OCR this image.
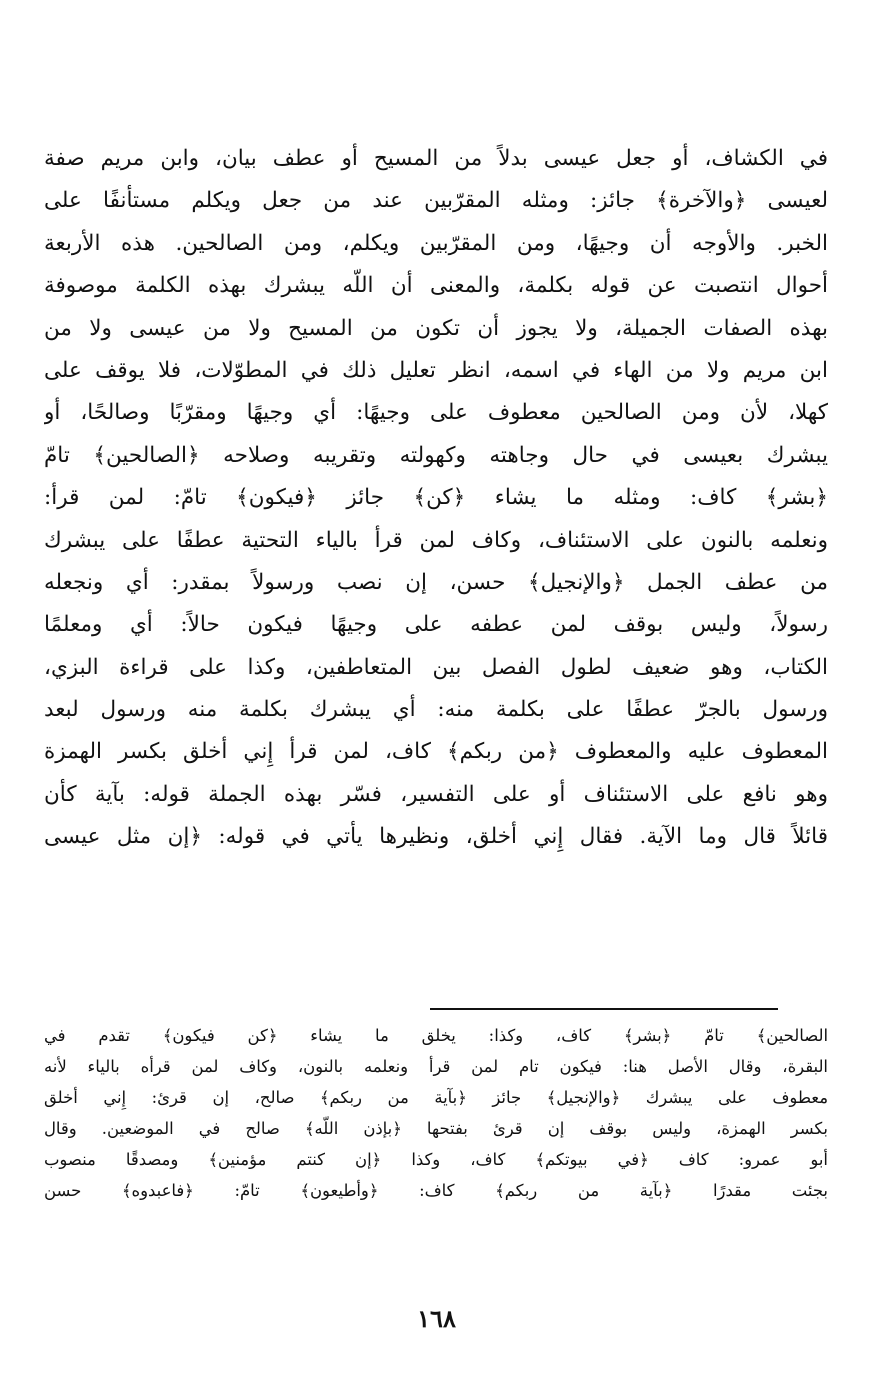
في الكشاف، أو جعل عيسى بدلاً من المسيح أو عطف بيان، وابن مريم صفة
لعيسى ﴿والآخرة﴾ جائز: ومثله المقرّبين عند من جعل ويكلم مستأنفًا على
الخبر. والأوجه أن وجيهًا، ومن المقرّبين ويكلم، ومن الصالحين. هذه الأربعة
أحوال انتصبت عن قوله بكلمة، والمعنى أن اللّه يبشرك بهذه الكلمة موصوفة
بهذه الصفات الجميلة، ولا يجوز أن تكون من المسيح ولا من عيسى ولا من
ابن مريم ولا من الهاء في اسمه، انظر تعليل ذلك في المطوّلات، فلا يوقف على
كهلا، لأن ومن الصالحين معطوف على وجيهًا: أي وجيهًا ومقرّبًا وصالحًا، أو
يبشرك بعيسى في حال وجاهته وكهولته وتقريبه وصلاحه ﴿الصالحين﴾ تامّ
﴿بشر﴾ كاف: ومثله ما يشاء ﴿كن﴾ جائز ﴿فيكون﴾ تامّ: لمن قرأ:
ونعلمه بالنون على الاستئناف، وكاف لمن قرأ بالياء التحتية عطفًا على يبشرك
من عطف الجمل ﴿والإنجيل﴾ حسن، إن نصب ورسولاً بمقدر: أي ونجعله
رسولاً، وليس بوقف لمن عطفه على وجيهًا فيكون حالاً: أي ومعلمًا
الكتاب، وهو ضعيف لطول الفصل بين المتعاطفين، وكذا على قراءة البزي،
ورسول بالجرّ عطفًا على بكلمة منه: أي يبشرك بكلمة منه ورسول لبعد
المعطوف عليه والمعطوف ﴿من ربكم﴾ كاف، لمن قرأ إِني أخلق بكسر الهمزة
وهو نافع على الاستئناف أو على التفسير، فسّر بهذه الجملة قوله: بآية كأن
قائلاً قال وما الآية. فقال إِني أخلق، ونظيرها يأتي في قوله: ﴿إن مثل عيسى
الصالحين﴾ تامّ ﴿بشر﴾ كاف، وكذا: يخلق ما يشاء ﴿كن فيكون﴾ تقدم في
البقرة، وقال الأصل هنا: فيكون تام لمن قرأ ونعلمه بالنون، وكاف لمن قرأه بالياء لأنه
معطوف على يبشرك ﴿والإنجيل﴾ جائز ﴿بآية من ربكم﴾ صالح، إن قرئ: إِني أخلق
بكسر الهمزة، وليس بوقف إن قرئ بفتحها ﴿بإذن اللّه﴾ صالح في الموضعين. وقال
أبو عمرو: كاف ﴿في بيوتكم﴾ كاف، وكذا ﴿إن كنتم مؤمنين﴾ ومصدقًا منصوب
بجئت مقدرًا ﴿بآية من ربكم﴾ كاف: ﴿وأطيعون﴾ تامّ: ﴿فاعبدوه﴾ حسن
١٦٨
